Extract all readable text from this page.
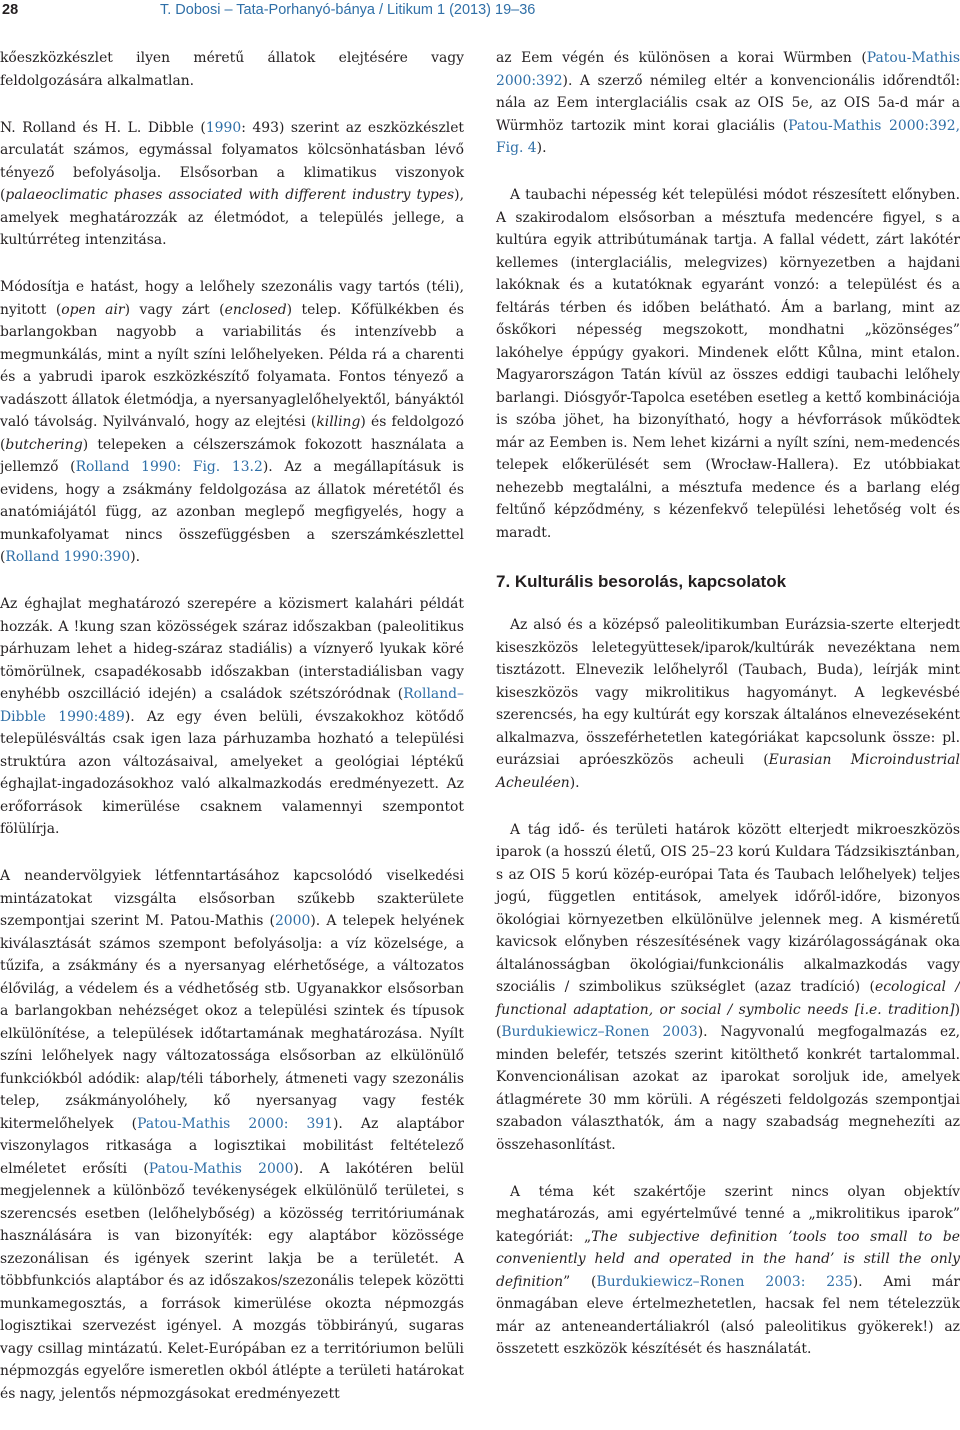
28	T. Dobosi – Tata-Porhanyó-bánya / Litikum 1 (2013) 19–36

kőeszközkészlet ilyen méretű állatok elejtésére vagy feldolgozására alkalmatlan.

N. Rolland és H. L. Dibble (1990: 493) szerint az eszközkészlet arculatát számos, egymással folyamatos kölcsönhatásban lévő tényező befolyásolja. Elsősorban a klimatikus viszonyok (palaeoclimatic phases associated with different industry types), amelyek meghatározzák az életmódot, a település jellege, a kultúrréteg intenzitása.

Módosítja e hatást, hogy a lelőhely szezonális vagy tartós (téli), nyitott (open air) vagy zárt (enclosed) telep. Kőfülkékben és barlangokban nagyobb a variabilitás és intenzívebb a megmunkálás, mint a nyílt színi lelőhelyeken. Példa rá a charenti és a yabrudi iparok eszközkészítő folyamata. Fontos tényező a vadászott állatok életmódja, a nyersanyaglelőhelyektől, bányáktól való távolság. Nyilvánvaló, hogy az elejtési (killing) és feldolgozó (butchering) telepeken a célszerszámok fokozott használata a jellemző (Rolland 1990: Fig. 13.2). Az a megállapításuk is evidens, hogy a zsákmány feldolgozása az állatok méretétől és anatómiájától függ, az azonban meglepő megfigyelés, hogy a munkafolyamat nincs összefüggésben a szerszámkészlettel (Rolland 1990:390).

Az éghajlat meghatározó szerepére a közismert kalahári példát hozzák. A !kung szan közösségek száraz időszakban (paleolitikus párhuzam lehet a hideg-száraz stadiális) a víznyerő lyukak köré tömörülnek, csapadékosabb időszakban (interstadiálisban vagy enyhébb oszcilláció idején) a családok szétszóródnak (Rolland–Dibble 1990:489). Az egy éven belüli, évszakokhoz kötődő településváltás csak igen laza párhuzamba hozható a települési struktúra azon változásaival, amelyeket a geológiai léptékű éghajlat-ingadozásokhoz való alkalmazkodás eredményezett. Az erőforrások kimerülése csaknem valamennyi szempontot fölülírja.

A neandervölgyiek létfenntartásához kapcsolódó viselkedési mintázatokat vizsgálta elsősorban szűkebb szakterülete szempontjai szerint M. Patou-Mathis (2000). A telepek helyének kiválasztását számos szempont befolyásolja: a víz közelsége, a tűzifa, a zsákmány és a nyersanyag elérhetősége, a változatos élővilág, a védelem és a védhetőség stb. Ugyanakkor elsősorban a barlangokban nehézséget okoz a települési szintek és típusok elkülönítése, a települések időtartamának meghatározása. Nyílt színi lelőhelyek nagy változatossága elsősorban az elkülönülő funkciókból adódik: alap/téli táborhely, átmeneti vagy szezonális telep, zsákmányolóhely, kő nyersanyag vagy festék kitermelőhelyek (Patou-Mathis 2000: 391). Az alaptábor viszonylagos ritkasága a logisztikai mobilitást feltételező elméletet erősíti (Patou-Mathis 2000). A lakótéren belül megjelennek a különböző tevékenységek elkülönülő területei, s szerencsés esetben (lelőhelybőség) a közösség territóriumának használására is van bizonyíték: egy alaptábor közössége szezonálisan és igények szerint lakja be a területét. A többfunkciós alaptábor és az időszakos/szezonális telepek közötti munkamegosztás, a források kimerülése okozta népmozgás logisztikai szervezést igényel. A mozgás többirányú, sugaras vagy csillag mintázatú. Kelet-Európában ez a territóriumon belüli népmozgás egyelőre ismeretlen okból átlépte a területi határokat és nagy, jelentős népmozgásokat eredményezett

az Eem végén és különösen a korai Würmben (Patou-Mathis 2000:392). A szerző némileg eltér a konvencionális időrendtől: nála az Eem interglaciális csak az OIS 5e, az OIS 5a-d már a Würmhöz tartozik mint korai glaciális (Patou-Mathis 2000:392, Fig. 4).

A taubachi népesség két települési módot részesített előnyben. A szakirodalom elsősorban a mésztufa medencére figyel, s a kultúra egyik attribútumának tartja. A fallal védett, zárt lakótér kellemes (interglaciális, melegvizes) környezetben a hajdani lakóknak és a kutatóknak egyaránt vonzó: a települést és a feltárás térben és időben belátható. Ám a barlang, mint az őskőkori népesség megszokott, mondhatni „közönséges” lakóhelye éppúgy gyakori. Mindenek előtt Kůlna, mint etalon. Magyarországon Tatán kívül az összes eddigi taubachi lelőhely barlangi. Diósgyőr-Tapolca esetében esetleg a kettő kombinációja is szóba jöhet, ha bizonyítható, hogy a hévforrások működtek már az Eemben is. Nem lehet kizárni a nyílt színi, nem-medencés telepek előkerülését sem (Wrocław-Hallera). Ez utóbbiakat nehezebb megtalálni, a mésztufa medence és a barlang elég feltűnő képződmény, s kézenfekvő települési lehetőség volt és maradt.

7. Kulturális besorolás, kapcsolatok

Az alsó és a középső paleolitikumban Eurázsia-szerte elterjedt kiseszközös leletegyüttesek/iparok/kultúrák nevezéktana nem tisztázott. Elnevezik lelőhelyről (Taubach, Buda), leírják mint kiseszközös vagy mikrolitikus hagyományt. A legkevésbé szerencsés, ha egy kultúrát egy korszak általános elnevezéseként alkalmazva, összeférhetetlen kategóriákat kapcsolunk össze: pl. eurázsiai apróeszközös acheuli (Eurasian Microindustrial Acheuléen).

A tág idő- és területi határok között elterjedt mikroeszközös iparok (a hosszú életű, OIS 25–23 korú Kuldara Tádzsikisztánban, s az OIS 5 korú közép-európai Tata és Taubach lelőhelyek) teljes jogú, független entitások, amelyek időről-időre, bizonyos ökológiai környezetben elkülönülve jelennek meg. A kisméretű kavicsok előnyben részesítésének vagy kizárólagosságának oka általánosságban ökológiai/funkcionális alkalmazkodás vagy szociális / szimbolikus szükséglet (azaz tradíció) (ecological / functional adaptation, or social / symbolic needs [i.e. tradition]) (Burdukiewicz–Ronen 2003). Nagyvonalú megfogalmazás ez, minden belefér, tetszés szerint kitölthető konkrét tartalommal. Konvencionálisan azokat az iparokat soroljuk ide, amelyek átlagmérete 30 mm körüli. A régészeti feldolgozás szempontjai szabadon választhatók, ám a nagy szabadság megnehezíti az összehasonlítást.

A téma két szakértője szerint nincs olyan objektív meghatározás, ami egyértelművé tenné a „mikrolitikus iparok” kategóriát: „The subjective definition ’tools too small to be conveniently held and operated in the hand’ is still the only definition” (Burdukiewicz–Ronen 2003: 235). Ami már önmagában eleve értelmezhetetlen, hacsak fel nem tételezzük már az anteneandertáliakról (alsó paleolitikus gyökerek!) az összetett eszközök készítését és használatát.
